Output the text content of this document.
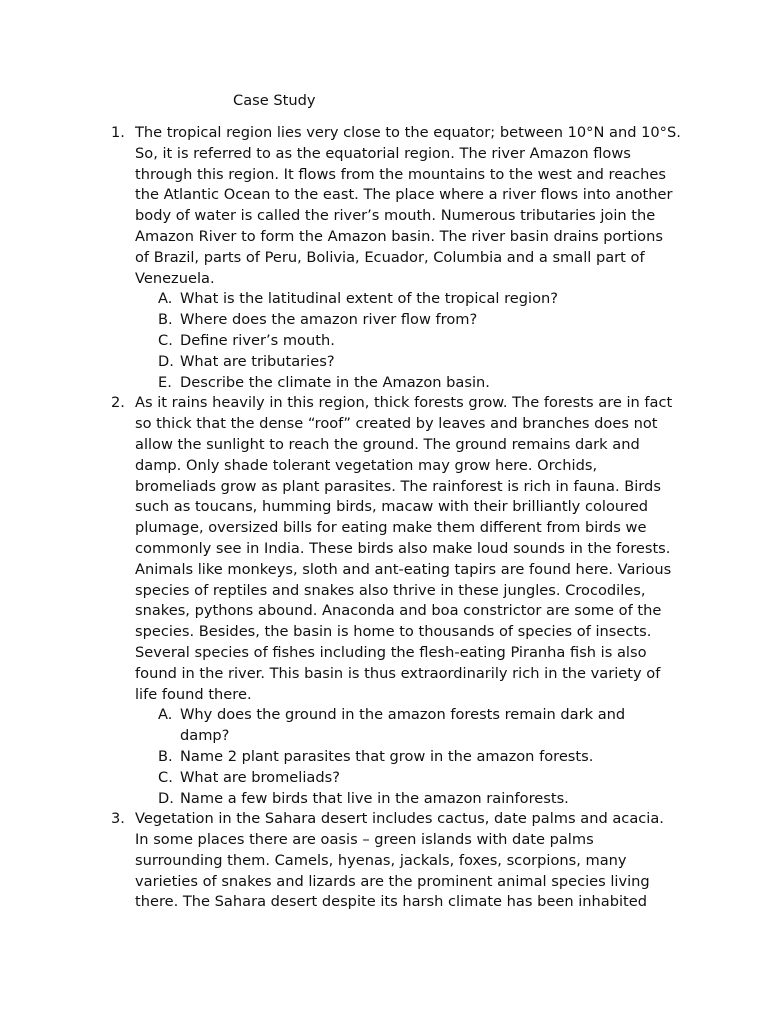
Case Study
1. The tropical region lies very close to the equator; between 10°N and 10°S. So, it is referred to as the equatorial region. The river Amazon flows through this region. It flows from the mountains to the west and reaches the Atlantic Ocean to the east. The place where a river flows into another body of water is called the river’s mouth. Numerous tributaries join the Amazon River to form the Amazon basin. The river basin drains portions of Brazil, parts of Peru, Bolivia, Ecuador, Columbia and a small part of Venezuela.

A. What is the latitudinal extent of the tropical region?
B. Where does the amazon river flow from?
C. Define river’s mouth.
D. What are tributaries?
E. Describe the climate in the Amazon basin.
2. As it rains heavily in this region, thick forests grow. The forests are in fact so thick that the dense “roof” created by leaves and branches does not allow the sunlight to reach the ground. The ground remains dark and damp. Only shade tolerant vegetation may grow here. Orchids, bromeliads grow as plant parasites. The rainforest is rich in fauna. Birds such as toucans, humming birds, macaw with their brilliantly coloured plumage, oversized bills for eating make them different from birds we commonly see in India. These birds also make loud sounds in the forests. Animals like monkeys, sloth and ant-eating tapirs are found here. Various species of reptiles and snakes also thrive in these jungles. Crocodiles, snakes, pythons abound. Anaconda and boa constrictor are some of the species. Besides, the basin is home to thousands of species of insects. Several species of fishes including the flesh-eating Piranha fish is also found in the river. This basin is thus extraordinarily rich in the variety of life found there.

A. Why does the ground in the amazon forests remain dark and damp?
B. Name 2 plant parasites that grow in the amazon forests.
C. What are bromeliads?
D. Name a few birds that live in the amazon rainforests.
3. Vegetation in the Sahara desert includes cactus, date palms and acacia. In some places there are oasis – green islands with date palms surrounding them. Camels, hyenas, jackals, foxes, scorpions, many varieties of snakes and lizards are the prominent animal species living there. The Sahara desert despite its harsh climate has been inhabited
